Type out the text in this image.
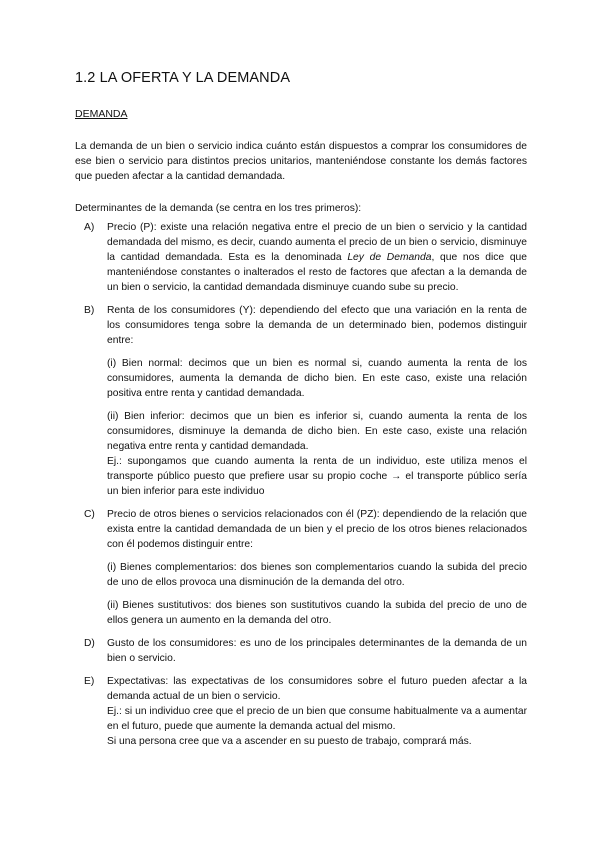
1.2 LA OFERTA Y LA DEMANDA
DEMANDA

La demanda de un bien o servicio indica cuánto están dispuestos a comprar los consumidores de ese bien o servicio para distintos precios unitarios, manteniéndose constante los demás factores que pueden afectar a la cantidad demandada.

Determinantes de la demanda (se centra en los tres primeros):

A) Precio (P): existe una relación negativa entre el precio de un bien o servicio y la cantidad demandada del mismo, es decir, cuando aumenta el precio de un bien o servicio, disminuye la cantidad demandada. Esta es la denominada Ley de Demanda, que nos dice que manteniéndose constantes o inalterados el resto de factores que afectan a la demanda de un bien o servicio, la cantidad demandada disminuye cuando sube su precio.

B) Renta de los consumidores (Y): dependiendo del efecto que una variación en la renta de los consumidores tenga sobre la demanda de un determinado bien, podemos distinguir entre:

(i) Bien normal: decimos que un bien es normal si, cuando aumenta la renta de los consumidores, aumenta la demanda de dicho bien. En este caso, existe una relación positiva entre renta y cantidad demandada.

(ii) Bien inferior: decimos que un bien es inferior si, cuando aumenta la renta de los consumidores, disminuye la demanda de dicho bien. En este caso, existe una relación negativa entre renta y cantidad demandada.

Ej.: supongamos que cuando aumenta la renta de un individuo, este utiliza menos el transporte público puesto que prefiere usar su propio coche → el transporte público sería un bien inferior para este individuo

C) Precio de otros bienes o servicios relacionados con él (PZ): dependiendo de la relación que exista entre la cantidad demandada de un bien y el precio de los otros bienes relacionados con él podemos distinguir entre:

(i) Bienes complementarios: dos bienes son complementarios cuando la subida del precio de uno de ellos provoca una disminución de la demanda del otro.

(ii) Bienes sustitutivos: dos bienes son sustitutivos cuando la subida del precio de uno de ellos genera un aumento en la demanda del otro.

D) Gusto de los consumidores: es uno de los principales determinantes de la demanda de un bien o servicio.

E) Expectativas: las expectativas de los consumidores sobre el futuro pueden afectar a la demanda actual de un bien o servicio.

Ej.: si un individuo cree que el precio de un bien que consume habitualmente va a aumentar en el futuro, puede que aumente la demanda actual del mismo.

Si una persona cree que va a ascender en su puesto de trabajo, comprará más.
